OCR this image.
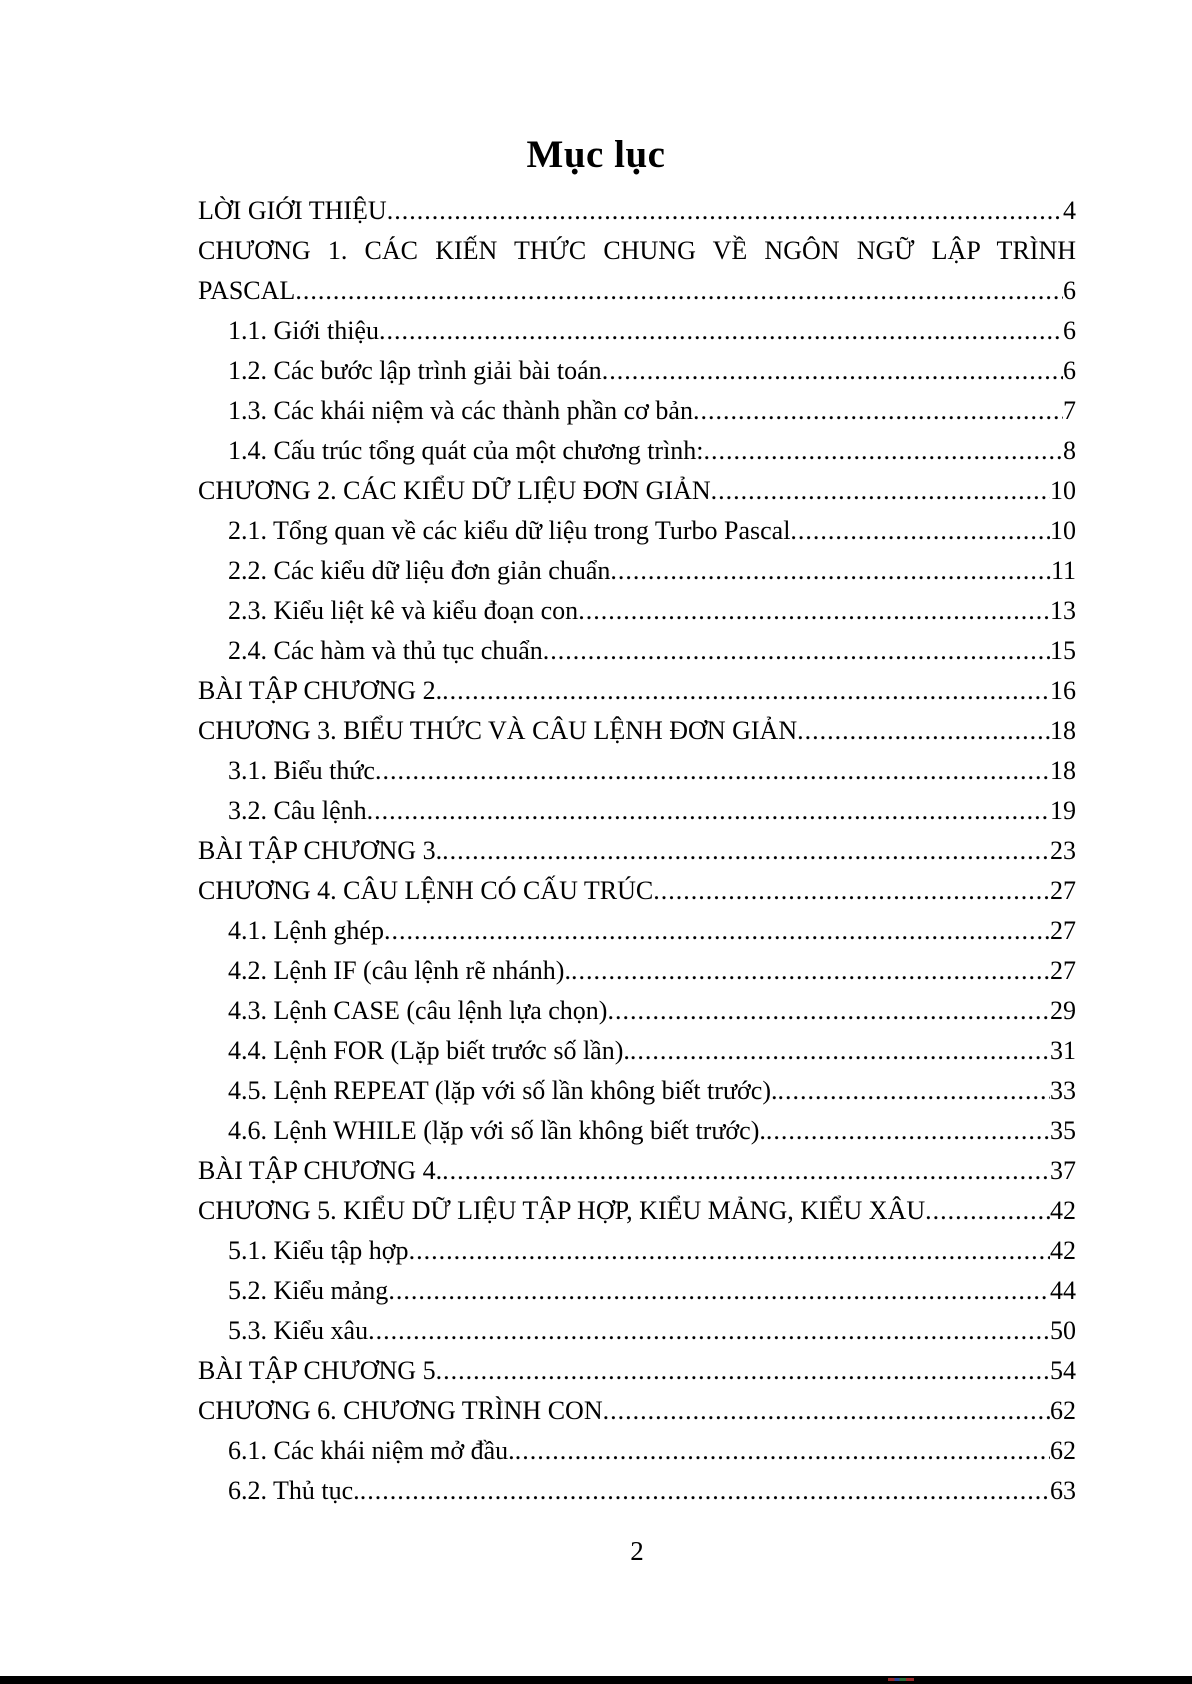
Mục lục
LỜI GIỚI THIỆU .....	4
CHƯƠNG 1. CÁC KIẾN THỨC CHUNG VỀ NGÔN NGỮ LẬP TRÌNH
PASCAL .....	6
1.1. Giới thiệu .....	6
1.2. Các bước lập trình giải bài toán .....	6
1.3. Các khái niệm và các thành phần cơ bản .....	7
1.4. Cấu trúc tổng quát của một chương trình: .....	8
CHƯƠNG 2. CÁC KIỂU DỮ LIỆU ĐƠN GIẢN .....	10
2.1. Tổng quan về các kiểu dữ liệu trong Turbo Pascal .....	10
2.2. Các kiểu dữ liệu đơn giản chuẩn .....	11
2.3. Kiểu liệt kê và kiểu đoạn con .....	13
2.4. Các hàm và thủ tục chuẩn .....	15
BÀI TẬP CHƯƠNG 2. .....	16
CHƯƠNG 3. BIỂU THỨC VÀ CÂU LỆNH ĐƠN GIẢN .....	18
3.1. Biểu thức .....	18
3.2. Câu lệnh .....	19
BÀI TẬP CHƯƠNG 3. .....	23
CHƯƠNG 4. CÂU LỆNH CÓ CẤU TRÚC .....	27
4.1. Lệnh ghép .....	27
4.2. Lệnh IF (câu lệnh rẽ nhánh). .....	27
4.3. Lệnh CASE (câu lệnh lựa chọn) .....	29
4.4. Lệnh FOR (Lặp biết trước số lần). .....	31
4.5. Lệnh REPEAT (lặp với số lần không biết trước). .....	33
4.6. Lệnh WHILE (lặp với số lần không biết trước). .....	35
BÀI TẬP CHƯƠNG 4. .....	37
CHƯƠNG 5. KIỂU DỮ LIỆU TẬP HỢP, KIỂU MẢNG, KIỂU XÂU .....	42
5.1. Kiểu tập hợp .....	42
5.2. Kiểu mảng .....	44
5.3. Kiểu xâu .....	50
BÀI TẬP CHƯƠNG 5 .....	54
CHƯƠNG 6. CHƯƠNG TRÌNH CON .....	62
6.1. Các khái niệm mở đầu. .....	62
6.2. Thủ tục. .....	63
2
